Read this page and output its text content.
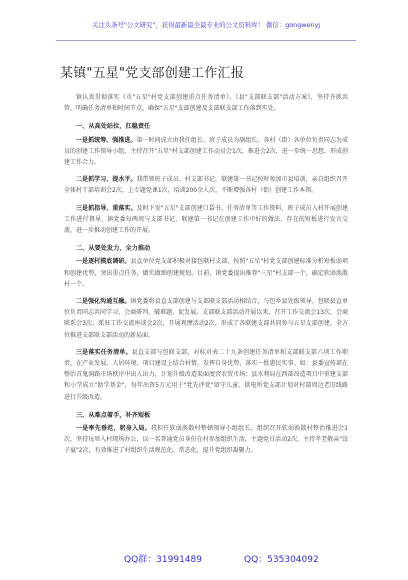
关注头条号"公文研究"，获得最新最全最专业的公文资料库！ 微信：gongwenyj
某镇"五星"党支部创建工作汇报

镇认真贯彻落实《市"五星"村党支部创建重点任务清单》、《县"支部联支部"活动方案》，坚持齐抓共管，明确任务清单和时间节点，确保"五星"支部创建及支部联支部工作落到实处。

一、从高处站位，扛稳责任

一是抓统筹、强推进。第一时间成立由我任组长、班子成员为副组长、各村（街）各单位负责同志为成员的创建工作领导小组，主持召开"五星"村支部创建工作动员会1次，推进会2次，进一步统一思想，形成创建工作合力。

二是抓学习、提水平。我带领班子成员、村支部书记，联建第一书记按时参加市县培训，亲自组织召开全体村干部培训会2次，上专题党课1次，培训200余人次，不断增强各村（街）创建工作本领。

三是抓指导、重落实。及时下发"五星"支部创建口袋书、任务清单等工作资料，班子成员入村开展创建工作进行督导，镇党委每两周与支部书记、联建第一书记在创建工作中好的做法、存在的短板进行发言交流，进一步推动创建工作的开展。

二、从要处发力，全力推动

一是逐村摸底调研。县直单位党支部积极对接包联村支部，按照"五星"村党支部创建标准分析短板弱项和创建优势，突出重点任务，做实做细创建规划。目前，镇党委提出推荐"三星"村支部一个，确定软弱涣散村一个。

二是强化沟通互融。镇党委将县直支部创建与支部联支部活动相结合，与包乡县处级领导、包联县直单位负责同志共同学习，会商研判，破难题、促发展。支部联支部活动开展以来，召开工作交流会13次，会商联系会3次，派驻工作交流座谈会2次，开展观摩活动2次，形成了各联建支部共同参与五星支部创建，全方位推进支部联支部活动的新局面。

三是落实任务清单。县直支部与包联支部，对标对表二十九条创建任务清单和支部联支部六项工作职责，在产业发展、人居环境、项目建设上结合村情，发挥自身优势，落实一批惠民实事。如：县委宣传部在整治首鬼洞路市场秩序中出人出力，计划升级改造渠面度窖农贸市场；县水利局在西部改造项目中重建支部和小学成立"助学基金"，每年出资5万元用于"党先评优"留守儿童，供电所党支部计划对村部周边老旧线路进行升级改造。

三、从难点着手，补齐短板

一是率先垂范，躬身入局。我担任软弱涣散村整顿领导小组组长。组织召开软弱涣散村整治推进会1次，坚持每周入村现场办公，以一名普通党员身份在村参加组织生活，主题党日活动2次，主持孝老敬亲"饺子宴"2次，有效推进了村组织生活规范化、常态化，提升党组织凝聚力。

QQ群：31991489	QQ：535304092
